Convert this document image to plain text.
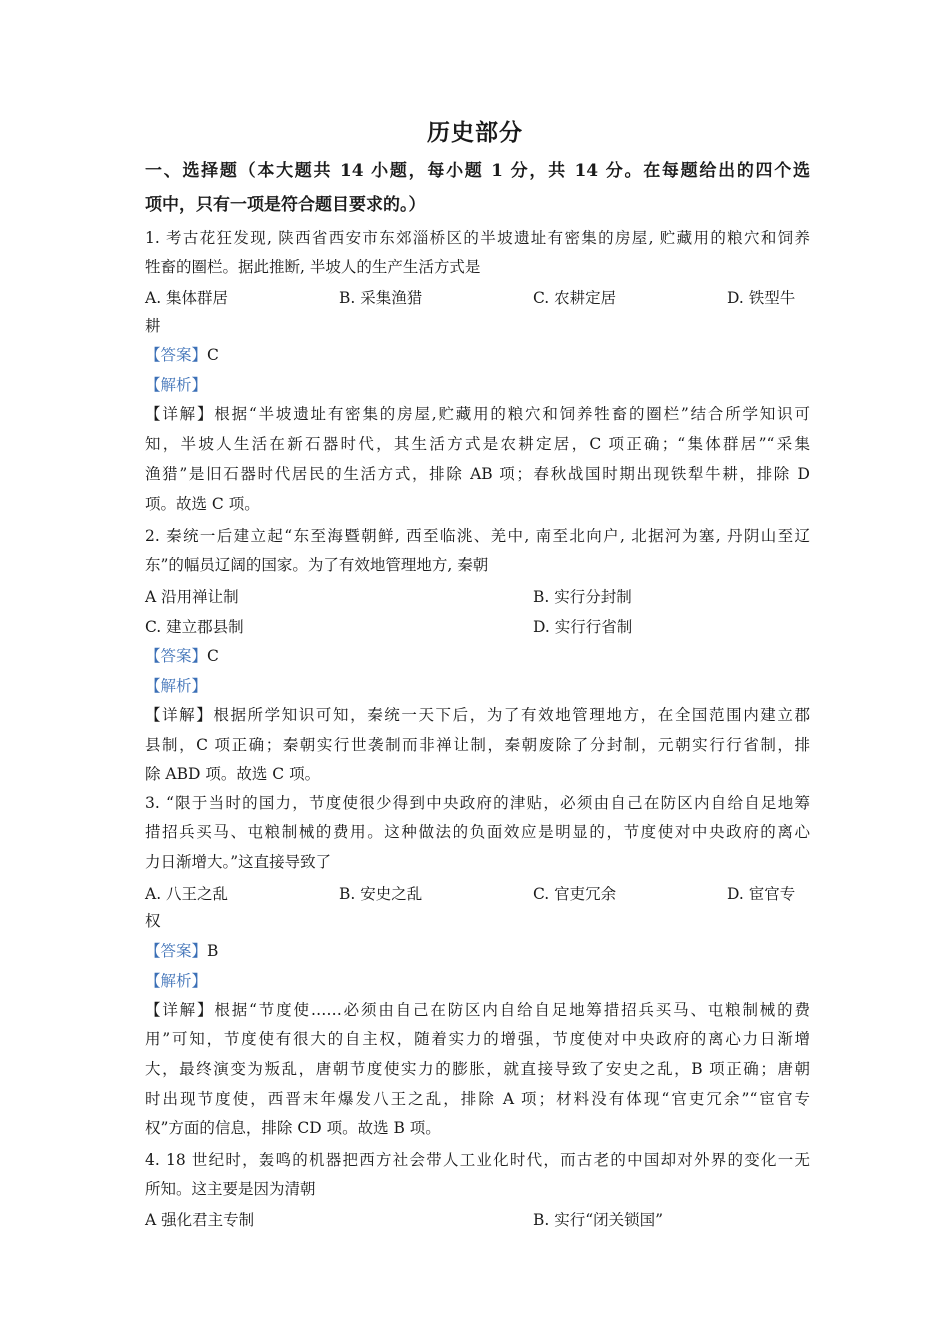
历史部分
一、选择题（本大题共 14 小题，每小题 1 分，共 14 分。在每题给出的四个选
项中，只有一项是符合题目要求的。）
1. 考古花狂发现, 陕西省西安市东郊淄桥区的半坡遗址有密集的房屋, 贮藏用的粮穴和饲养
牲畜的圈栏。据此推断, 半坡人的生产生活方式是
A. 集体群居	B. 采集渔猎	C. 农耕定居	D. 铁型牛
耕
【答案】C
【解析】
【详解】根据“半坡遗址有密集的房屋,贮藏用的粮穴和饲养牲畜的圈栏”结合所学知识可
知，半坡人生活在新石器时代，其生活方式是农耕定居，C 项正确；“集体群居”“采集
渔猎”是旧石器时代居民的生活方式，排除 AB 项；春秋战国时期出现铁犁牛耕，排除 D
项。故选 C 项。
2. 秦统一后建立起“东至海暨朝鲜, 西至临洮、羌中, 南至北向户, 北据河为塞, 丹阴山至辽
东”的幅员辽阔的国家。为了有效地管理地方, 秦朝
A 沿用禅让制	B. 实行分封制
C. 建立郡县制	D. 实行行省制
【答案】C
【解析】
【详解】根据所学知识可知，秦统一天下后，为了有效地管理地方，在全国范围内建立郡
县制，C 项正确；秦朝实行世袭制而非禅让制，秦朝废除了分封制，元朝实行行省制，排
除 ABD 项。故选 C 项。
3. “限于当时的国力，节度使很少得到中央政府的津贴，必须由自己在防区内自给自足地筹
措招兵买马、屯粮制械的费用。这种做法的负面效应是明显的，节度使对中央政府的离心
力日渐增大。”这直接导致了
A. 八王之乱	B. 安史之乱	C. 官吏冗余	D. 宦官专
权
【答案】B
【解析】
【详解】根据“节度使……必须由自己在防区内自给自足地筹措招兵买马、屯粮制械的费
用”可知，节度使有很大的自主权，随着实力的增强，节度使对中央政府的离心力日渐增
大，最终演变为叛乱，唐朝节度使实力的膨胀，就直接导致了安史之乱，B 项正确；唐朝
时出现节度使，西晋末年爆发八王之乱，排除 A 项；材料没有体现“官吏冗余”“宦官专
权”方面的信息，排除 CD 项。故选 B 项。
4. 18 世纪时，轰鸣的机器把西方社会带人工业化时代，而古老的中国却对外界的变化一无
所知。这主要是因为清朝
A 强化君主专制	B. 实行“闭关锁国”
